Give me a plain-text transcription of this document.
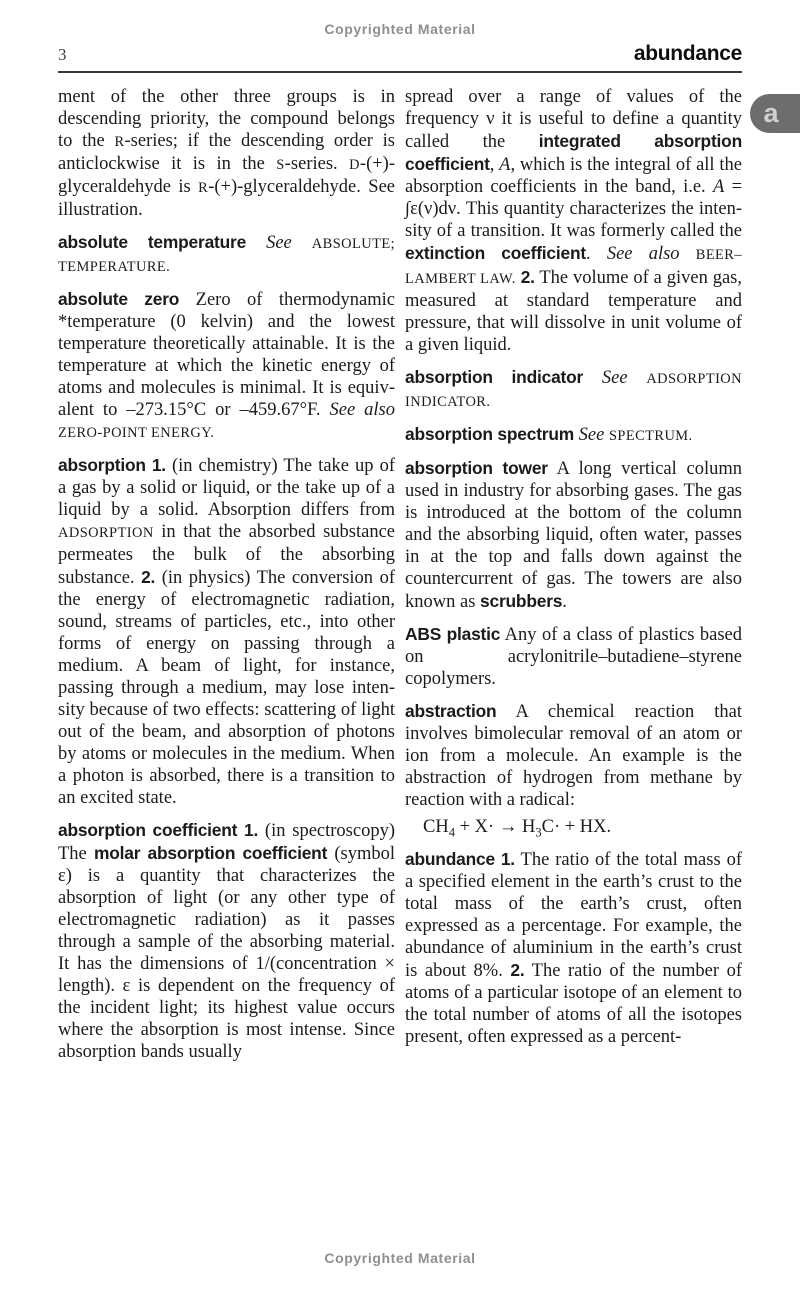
Copyrighted Material
3	abundance

ment of the other three groups is in descending priority, the compound belongs to the R-series; if the descending order is anticlockwise it is in the S-series. D-(+)-glyceraldehyde is R-(+)-glyceraldehyde. See illustration.

absolute temperature See ABSOLUTE; TEMPERATURE.

absolute zero Zero of thermodynamic *temperature (0 kelvin) and the lowest temperature theoretically attainable. It is the temperature at which the kinetic energy of atoms and molecules is minimal. It is equivalent to –273.15°C or –459.67°F. See also ZERO-POINT ENERGY.

absorption 1. (in chemistry) The take up of a gas by a solid or liquid, or the take up of a liquid by a solid. Absorption differs from ADSORPTION in that the absorbed substance permeates the bulk of the absorbing substance. 2. (in physics) The conversion of the energy of electromagnetic radiation, sound, streams of particles, etc., into other forms of energy on passing through a medium. A beam of light, for instance, passing through a medium, may lose intensity because of two effects: scattering of light out of the beam, and absorption of photons by atoms or molecules in the medium. When a photon is absorbed, there is a transition to an excited state.

absorption coefficient 1. (in spectroscopy) The molar absorption coefficient (symbol ε) is a quantity that characterizes the absorption of light (or any other type of electromagnetic radiation) as it passes through a sample of the absorbing material. It has the dimensions of 1/(concentration × length). ε is dependent on the frequency of the incident light; its highest value occurs where the absorption is most intense. Since absorption bands usually

spread over a range of values of the frequency ν it is useful to define a quantity called the integrated absorption coefficient, A, which is the integral of all the absorption coefficients in the band, i.e. A = ∫ε(ν)dν. This quantity characterizes the intensity of a transition. It was formerly called the extinction coefficient. See also BEER–LAMBERT LAW. 2. The volume of a given gas, measured at standard temperature and pressure, that will dissolve in unit volume of a given liquid.

absorption indicator See ADSORPTION INDICATOR.

absorption spectrum See SPECTRUM.

absorption tower A long vertical column used in industry for absorbing gases. The gas is introduced at the bottom of the column and the absorbing liquid, often water, passes in at the top and falls down against the countercurrent of gas. The towers are also known as scrubbers.

ABS plastic Any of a class of plastics based on acrylonitrile–butadiene–styrene copolymers.

abstraction A chemical reaction that involves bimolecular removal of an atom or ion from a molecule. An example is the abstraction of hydrogen from methane by reaction with a radical:

$CH_4 + X\cdot \to H_3C\cdot$ + HX.

abundance 1. The ratio of the total mass of a specified element in the earth’s crust to the total mass of the earth’s crust, often expressed as a percentage. For example, the abundance of aluminium in the earth’s crust is about 8%. 2. The ratio of the number of atoms of a particular isotope of an element to the total number of atoms of all the isotopes present, often expressed as a percent-

a
Copyrighted Material
